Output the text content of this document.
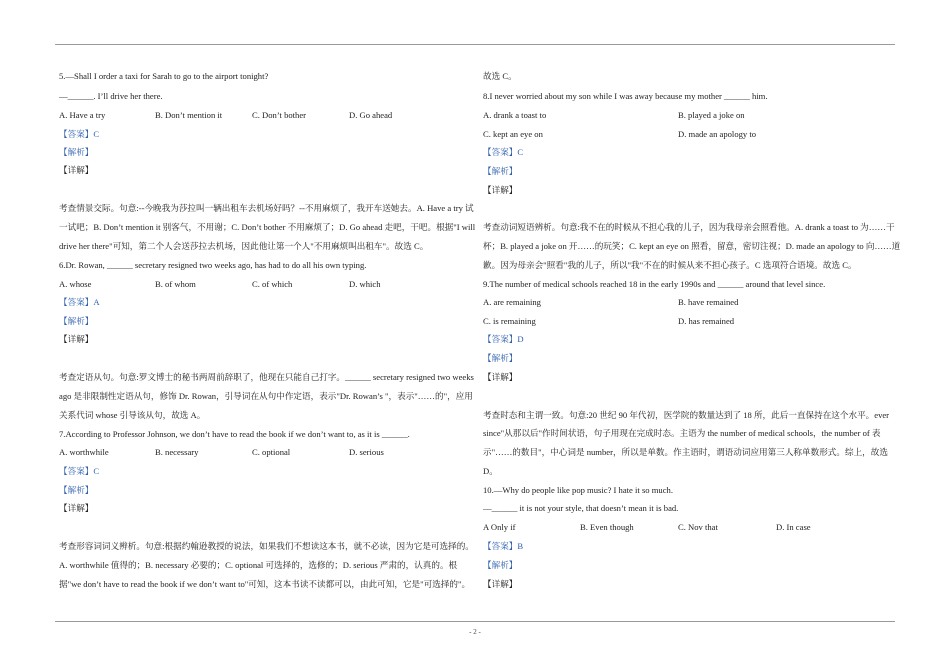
5.—Shall I order a taxi for Sarah to go to the airport tonight?
—______. I’ll drive her there.
A. Have a try	B. Don’t mention it	C. Don’t bother	D. Go ahead
【答案】C
【解析】
【详解】
考查情景交际。句意:--今晚我为莎拉叫一辆出租车去机场好吗？--不用麻烦了，我开车送她去。A. Have a try 试
一试吧；B. Don’t mention it 别客气，不用谢；C. Don’t bother 不用麻烦了；D. Go ahead 走吧，干吧。根据"I will
drive her there"可知，第二个人会送莎拉去机场，因此他让第一个人"不用麻烦叫出租车"。故选 C。
6.Dr. Rowan, ______ secretary resigned two weeks ago, has had to do all his own typing.
A. whose	B. of whom	C. of which	D. which
【答案】A
【解析】
【详解】
考查定语从句。句意:罗文博士的秘书两周前辞职了，他现在只能自己打字。______ secretary resigned two weeks
ago 是非限制性定语从句，修饰 Dr. Rowan，引导词在从句中作定语，表示"Dr. Rowan’s "，表示"……的"，应用
关系代词 whose 引导该从句，故选 A。
7.According to Professor Johnson, we don’t have to read the book if we don’t want to, as it is ______.
A. worthwhile	B. necessary	C. optional	D. serious
【答案】C
【解析】
【详解】
考查形容词词义辨析。句意:根据约翰逊教授的说法，如果我们不想读这本书，就不必读，因为它是可选择的。
A. worthwhile 值得的；B. necessary 必要的；C. optional 可选择的，选修的；D. serious 严肃的，认真的。根
据"we don’t have to read the book if we don’t want to"可知，这本书读不读都可以，由此可知，它是"可选择的"。
故选 C。
8.I never worried about my son while I was away because my mother ______ him.
A. drank a toast to	B. played a joke on
C. kept an eye on	D. made an apology to
【答案】C
【解析】
【详解】
考查动词短语辨析。句意:我不在的时候从不担心我的儿子，因为我母亲会照看他。A. drank a toast to 为……干
杯；B. played a joke on 开……的玩笑；C. kept an eye on 照看，留意，密切注视；D. made an apology to 向……道
歉。因为母亲会"照看"我的儿子，所以"我"不在的时候从来不担心孩子。C 选项符合语境。故选 C。
9.The number of medical schools reached 18 in the early 1990s and ______ around that level since.
A. are remaining	B. have remained
C. is remaining	D. has remained
【答案】D
【解析】
【详解】
考查时态和主谓一致。句意:20 世纪 90 年代初，医学院的数量达到了 18 所，此后一直保持在这个水平。ever
since"从那以后"作时间状语，句子用现在完成时态。主语为 the number of medical schools，the number of 表
示"……的数目"，中心词是 number，所以是单数。作主语时，谓语动词应用第三人称单数形式。综上，故选
D。
10.—Why do people like pop music? I hate it so much.
—______ it is not your style, that doesn’t mean it is bad.
A Only if	B. Even though	C. Nov that	D. In case
【答案】B
【解析】
【详解】
- 2 -
